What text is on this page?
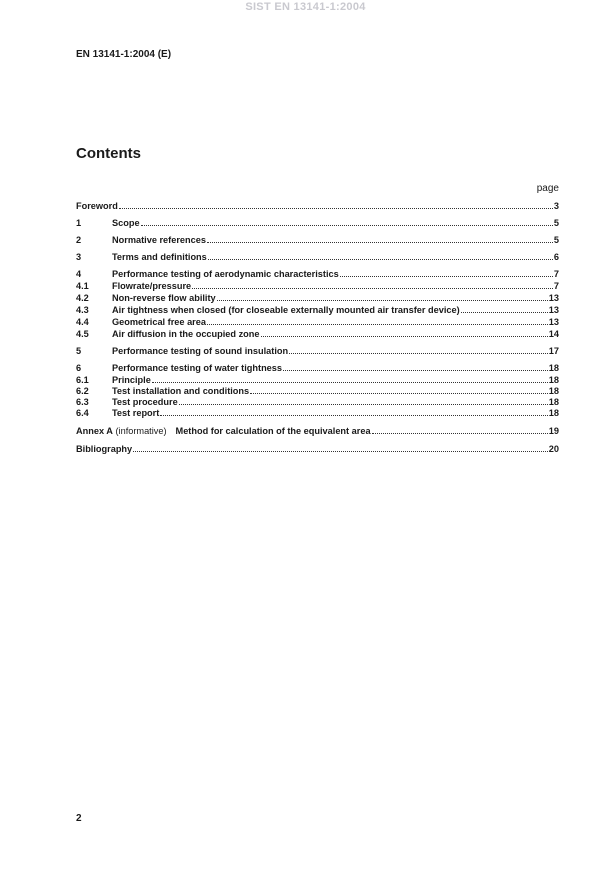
SIST EN 13141-1:2004
EN 13141-1:2004 (E)
Contents
page
Foreword	3
1	Scope	5
2	Normative references	5
3	Terms and definitions	6
4	Performance testing of aerodynamic characteristics	7
4.1	Flowrate/pressure	7
4.2	Non-reverse flow ability	13
4.3	Air tightness when closed (for closeable externally mounted air transfer device)	13
4.4	Geometrical free area	13
4.5	Air diffusion in the occupied zone	14
5	Performance testing of sound insulation	17
6	Performance testing of water tightness	18
6.1	Principle	18
6.2	Test installation and conditions	18
6.3	Test procedure	18
6.4	Test report	18
Annex A (informative) Method for calculation of the equivalent area	19
Bibliography	20
2
